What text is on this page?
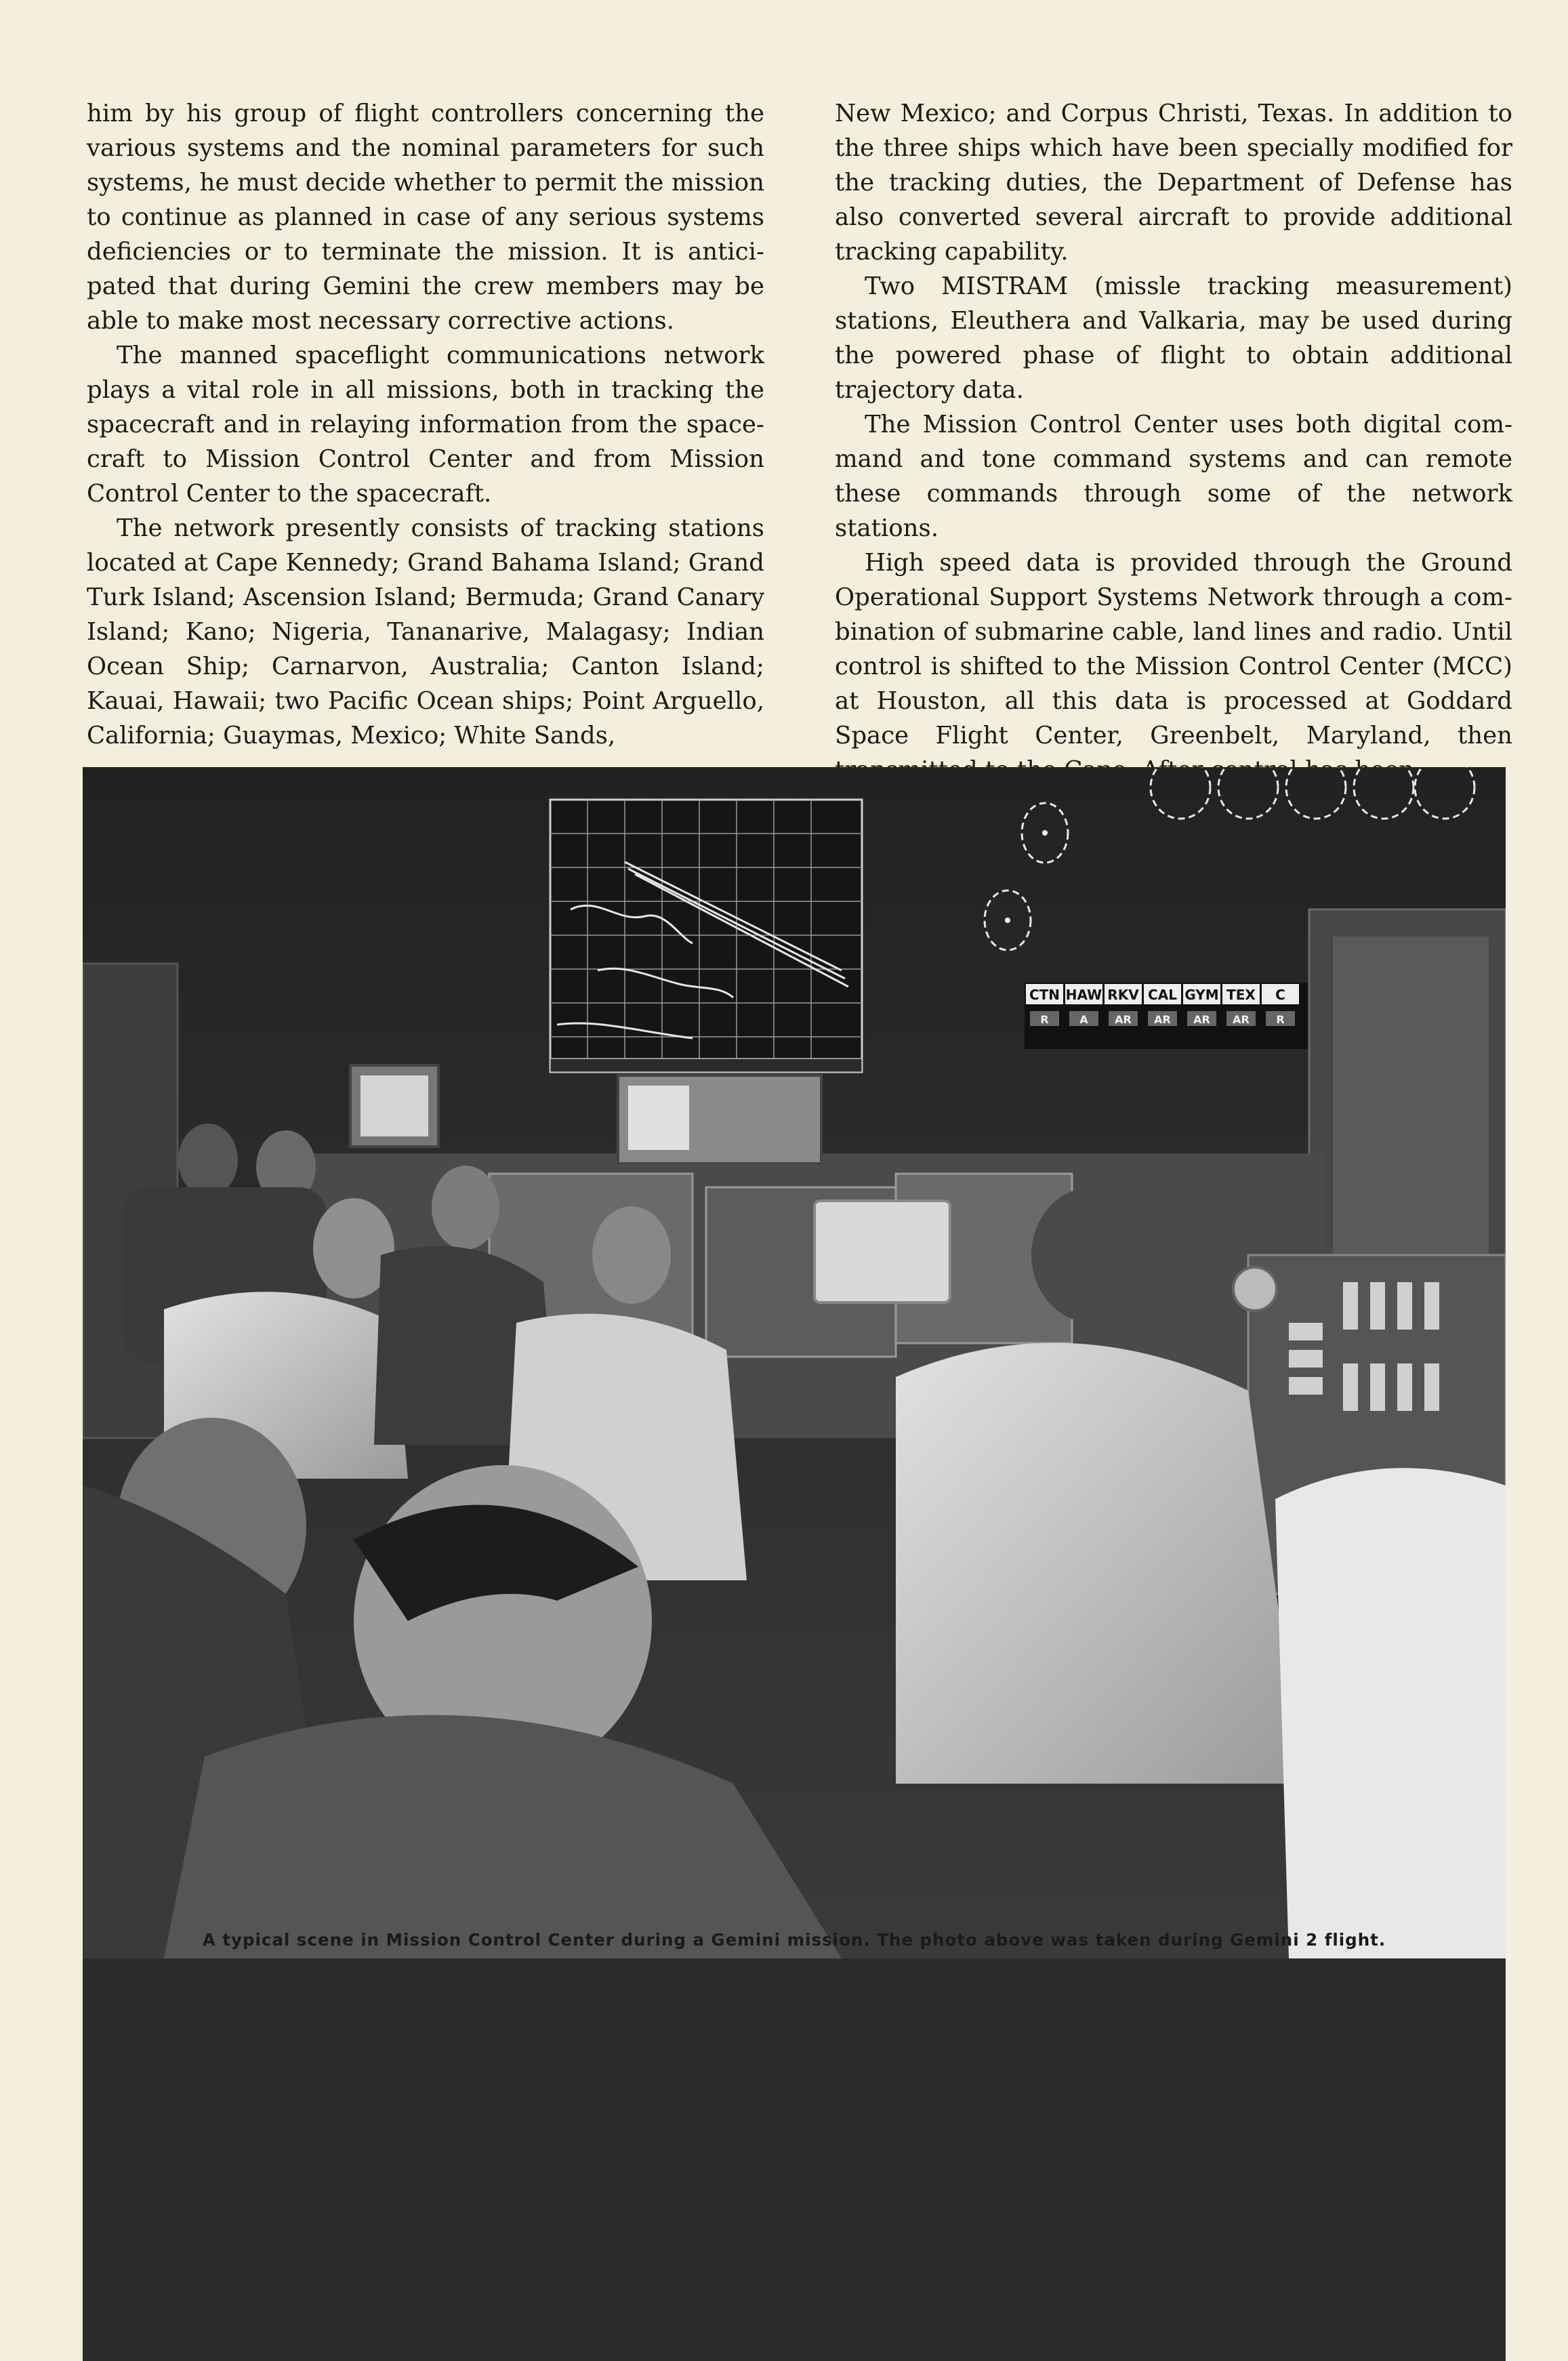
him by his group of flight controllers concerning the various systems and the nominal parameters for such systems, he must decide whether to permit the mission to continue as planned in case of any serious systems deficiencies or to terminate the mission. It is antici-pated that during Gemini the crew members may be able to make most necessary corrective actions.

The manned spaceflight communications network plays a vital role in all missions, both in tracking the spacecraft and in relaying information from the space-craft to Mission Control Center and from Mission Control Center to the spacecraft.

The network presently consists of tracking stations located at Cape Kennedy; Grand Bahama Island; Grand Turk Island; Ascension Island; Bermuda; Grand Canary Island; Kano; Nigeria, Tananarive, Malagasy; Indian Ocean Ship; Carnarvon, Australia; Canton Island; Kauai, Hawaii; two Pacific Ocean ships; Point Arguello, California; Guaymas, Mexico; White Sands,

New Mexico; and Corpus Christi, Texas. In addition to the three ships which have been specially modified for the tracking duties, the Department of Defense has also converted several aircraft to provide additional tracking capability.

Two MISTRAM (missle tracking measurement) stations, Eleuthera and Valkaria, may be used during the powered phase of flight to obtain additional trajectory data.

The Mission Control Center uses both digital com-mand and tone command systems and can remote these commands through some of the network stations.

High speed data is provided through the Ground Operational Support Systems Network through a com-bination of submarine cable, land lines and radio. Until control is shifted to the Mission Control Center (MCC) at Houston, all this data is processed at Goddard Space Flight Center, Greenbelt, Maryland, then

CTN
R
HAW
A
RKV
AR
CAL
AR
GYM
AR
TEX
AR
C
R
A typical scene in Mission Control Center during a Gemini mission. The photo above was taken during Gemini 2 flight.
